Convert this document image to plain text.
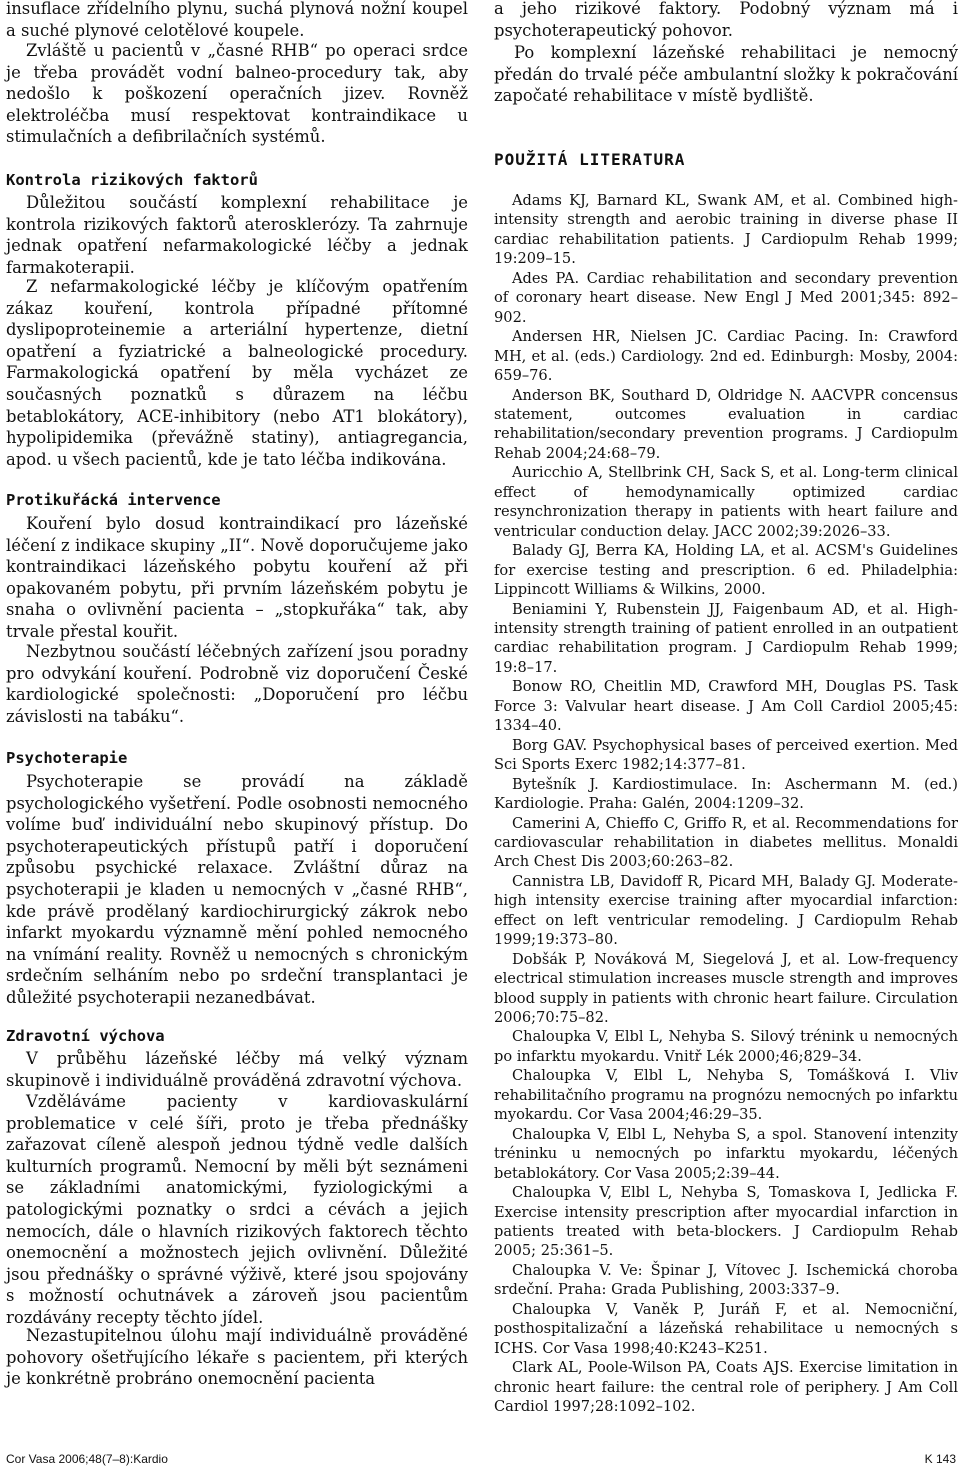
insuflace zřídelního plynu, suchá plynová nožní koupel a suché plynové celotělové koupele.

Zvláště u pacientů v „časné RHB“ po operaci srdce je třeba provádět vodní balneo-procedury tak, aby nedošlo k poškození operačních jizev. Rovněž elektroléčba musí respektovat kontraindikace u stimulačních a defibrilačních systémů.

Kontrola rizikových faktorů

Důležitou součástí komplexní rehabilitace je kontrola rizikových faktorů aterosklerózy. Ta zahrnuje jednak opatření nefarmakologické léčby a jednak farmakoterapii.

Z nefarmakologické léčby je klíčovým opatřením zákaz kouření, kontrola případné přítomné dyslipoproteinemie a arteriální hypertenze, dietní opatření a fyziatrické a balneologické procedury. Farmakologická opatření by měla vycházet ze současných poznatků s důrazem na léčbu betablokátory, ACE-inhibitory (nebo AT1 blokátory), hypolipidemika (převážně statiny), antiagregancia, apod. u všech pacientů, kde je tato léčba indikována.

Protikuřácká intervence

Kouření bylo dosud kontraindikací pro lázeňské léčení z indikace skupiny „II“. Nově doporučujeme jako kontraindikaci lázeňského pobytu kouření až při opakovaném pobytu, při prvním lázeňském pobytu je snaha o ovlivnění pacienta – „stopkuřáka“ tak, aby trvale přestal kouřit.

Nezbytnou součástí léčebných zařízení jsou poradny pro odvykání kouření. Podrobně viz doporučení České kardiologické společnosti: „Doporučení pro léčbu závislosti na tabáku“.

Psychoterapie

Psychoterapie se provádí na základě psychologického vyšetření. Podle osobnosti nemocného volíme buď individuální nebo skupinový přístup. Do psychoterapeutických přístupů patří i doporučení způsobu psychické relaxace. Zvláštní důraz na psychoterapii je kladen u nemocných v „časné RHB“, kde právě prodělaný kardiochirurgický zákrok nebo infarkt myokardu významně mění pohled nemocného na vnímání reality. Rovněž u nemocných s chronickým srdečním selháním nebo po srdeční transplantaci je důležité psychoterapii nezanedbávat.

Zdravotní výchova

V průběhu lázeňské léčby má velký význam skupinově i individuálně prováděná zdravotní výchova.

Vzděláváme pacienty v kardiovaskulární problematice v celé šíři, proto je třeba přednášky zařazovat cíleně alespoň jednou týdně vedle dalších kulturních programů. Nemocní by měli být seznámeni se základními anatomickými, fyziologickými a patologickými poznatky o srdci a cévách a jejich nemocích, dále o hlavních rizikových faktorech těchto onemocnění a možnostech jejich ovlivnění. Důležité jsou přednášky o správné výživě, které jsou spojovány s možností ochutnávek a zároveň jsou pacientům rozdávány recepty těchto jídel.

Nezastupitelnou úlohu mají individuálně prováděné pohovory ošetřujícího lékaře s pacientem, při kterých je konkrétně probráno onemocnění pacienta

a jeho rizikové faktory. Podobný význam má i psychoterapeutický pohovor.

Po komplexní lázeňské rehabilitaci je nemocný předán do trvalé péče ambulantní složky k pokračování započaté rehabilitace v místě bydliště.

POUŽITÁ LITERATURA

Adams KJ, Barnard KL, Swank AM, et al. Combined high-intensity strength and aerobic training in diverse phase II cardiac rehabilitation patients. J Cardiopulm Rehab 1999; 19:209–15.

Ades PA. Cardiac rehabilitation and secondary prevention of coronary heart disease. New Engl J Med 2001;345: 892–902.

Andersen HR, Nielsen JC. Cardiac Pacing. In: Crawford MH, et al. (eds.) Cardiology. 2nd ed. Edinburgh: Mosby, 2004: 659–76.

Anderson BK, Southard D, Oldridge N. AACVPR concensus statement, outcomes evaluation in cardiac rehabilitation/secondary prevention programs. J Cardiopulm Rehab 2004;24:68–79.

Auricchio A, Stellbrink CH, Sack S, et al. Long-term clinical effect of hemodynamically optimized cardiac resynchronization therapy in patients with heart failure and ventricular conduction delay. JACC 2002;39:2026–33.

Balady GJ, Berra KA, Holding LA, et al. ACSM's Guidelines for exercise testing and prescription. 6 ed. Philadelphia: Lippincott Williams & Wilkins, 2000.

Beniamini Y, Rubenstein JJ, Faigenbaum AD, et al. High-intensity strength training of patient enrolled in an outpatient cardiac rehabilitation program. J Cardiopulm Rehab 1999; 19:8–17.

Bonow RO, Cheitlin MD, Crawford MH, Douglas PS. Task Force 3: Valvular heart disease. J Am Coll Cardiol 2005;45: 1334–40.

Borg GAV. Psychophysical bases of perceived exertion. Med Sci Sports Exerc 1982;14:377–81.

Bytešník J. Kardiostimulace. In: Aschermann M. (ed.) Kardiologie. Praha: Galén, 2004:1209–32.

Camerini A, Chieffo C, Griffo R, et al. Recommendations for cardiovascular rehabilitation in diabetes mellitus. Monaldi Arch Chest Dis 2003;60:263–82.

Cannistra LB, Davidoff R, Picard MH, Balady GJ. Moderate-high intensity exercise training after myocardial infarction: effect on left ventricular remodeling. J Cardiopulm Rehab 1999;19:373–80.

Dobšák P, Nováková M, Siegelová J, et al. Low-frequency electrical stimulation increases muscle strength and improves blood supply in patients with chronic heart failure. Circulation 2006;70:75–82.

Chaloupka V, Elbl L, Nehyba S. Silový trénink u nemocných po infarktu myokardu. Vnitř Lék 2000;46;829–34.

Chaloupka V, Elbl L, Nehyba S, Tomášková I. Vliv rehabilitačního programu na prognózu nemocných po infarktu myokardu. Cor Vasa 2004;46:29–35.

Chaloupka V, Elbl L, Nehyba S, a spol. Stanovení intenzity tréninku u nemocných po infarktu myokardu, léčených betablokátory. Cor Vasa 2005;2:39–44.

Chaloupka V, Elbl L, Nehyba S, Tomaskova I, Jedlicka F. Exercise intensity prescription after myocardial infarction in patients treated with beta-blockers. J Cardiopulm Rehab 2005; 25:361–5.

Chaloupka V. Ve: Špinar J, Vítovec J. Ischemická choroba srdeční. Praha: Grada Publishing, 2003:337–9.

Chaloupka V, Vaněk P, Juráň F, et al. Nemocniční, posthospitalizační a lázeňská rehabilitace u nemocných s ICHS. Cor Vasa 1998;40:K243–K251.

Clark AL, Poole-Wilson PA, Coats AJS. Exercise limitation in chronic heart failure: the central role of periphery. J Am Coll Cardiol 1997;28:1092–102.

Cor Vasa 2006;48(7–8):Kardio	K 143
